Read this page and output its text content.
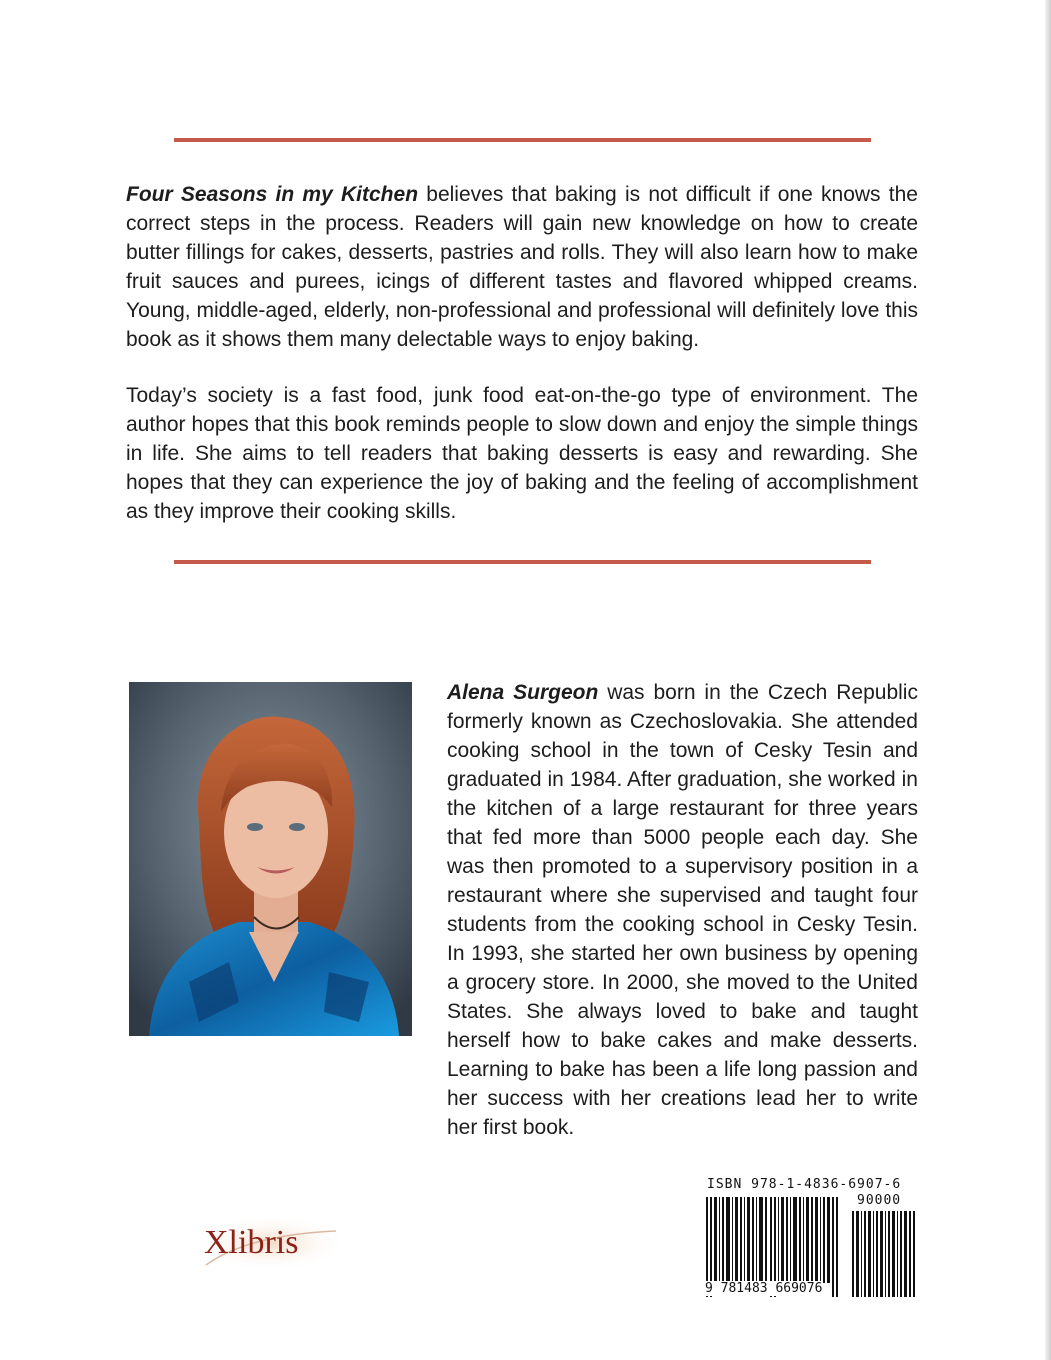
Four Seasons in my Kitchen believes that baking is not difficult if one knows the correct steps in the process. Readers will gain new knowledge on how to create butter fillings for cakes, desserts, pastries and rolls. They will also learn how to make fruit sauces and purees, icings of different tastes and flavored whipped creams. Young, middle-aged, elderly, non-professional and professional will definitely love this book as it shows them many delectable ways to enjoy baking.

Today’s society is a fast food, junk food eat-on-the-go type of environment. The author hopes that this book reminds people to slow down and enjoy the simple things in life. She aims to tell readers that baking desserts is easy and rewarding. She hopes that they can experience the joy of baking and the feeling of accomplishment as they improve their cooking skills.

Alena Surgeon was born in the Czech Republic formerly known as Czechoslovakia. She attended cooking school in the town of Cesky Tesin and graduated in 1984. After graduation, she worked in the kitchen of a large restaurant for three years that fed more than 5000 people each day. She was then promoted to a supervisory position in a restaurant where she supervised and taught four students from the cooking school in Cesky Tesin. In 1993, she started her own business by opening a grocery store. In 2000, she moved to the United States. She always loved to bake and taught herself how to bake cakes and make desserts. Learning to bake has been a life long passion and her success with her creations lead her to write her first book.

Xlibris
ISBN 978-1-4836-6907-6
90000
9 781483 669076
